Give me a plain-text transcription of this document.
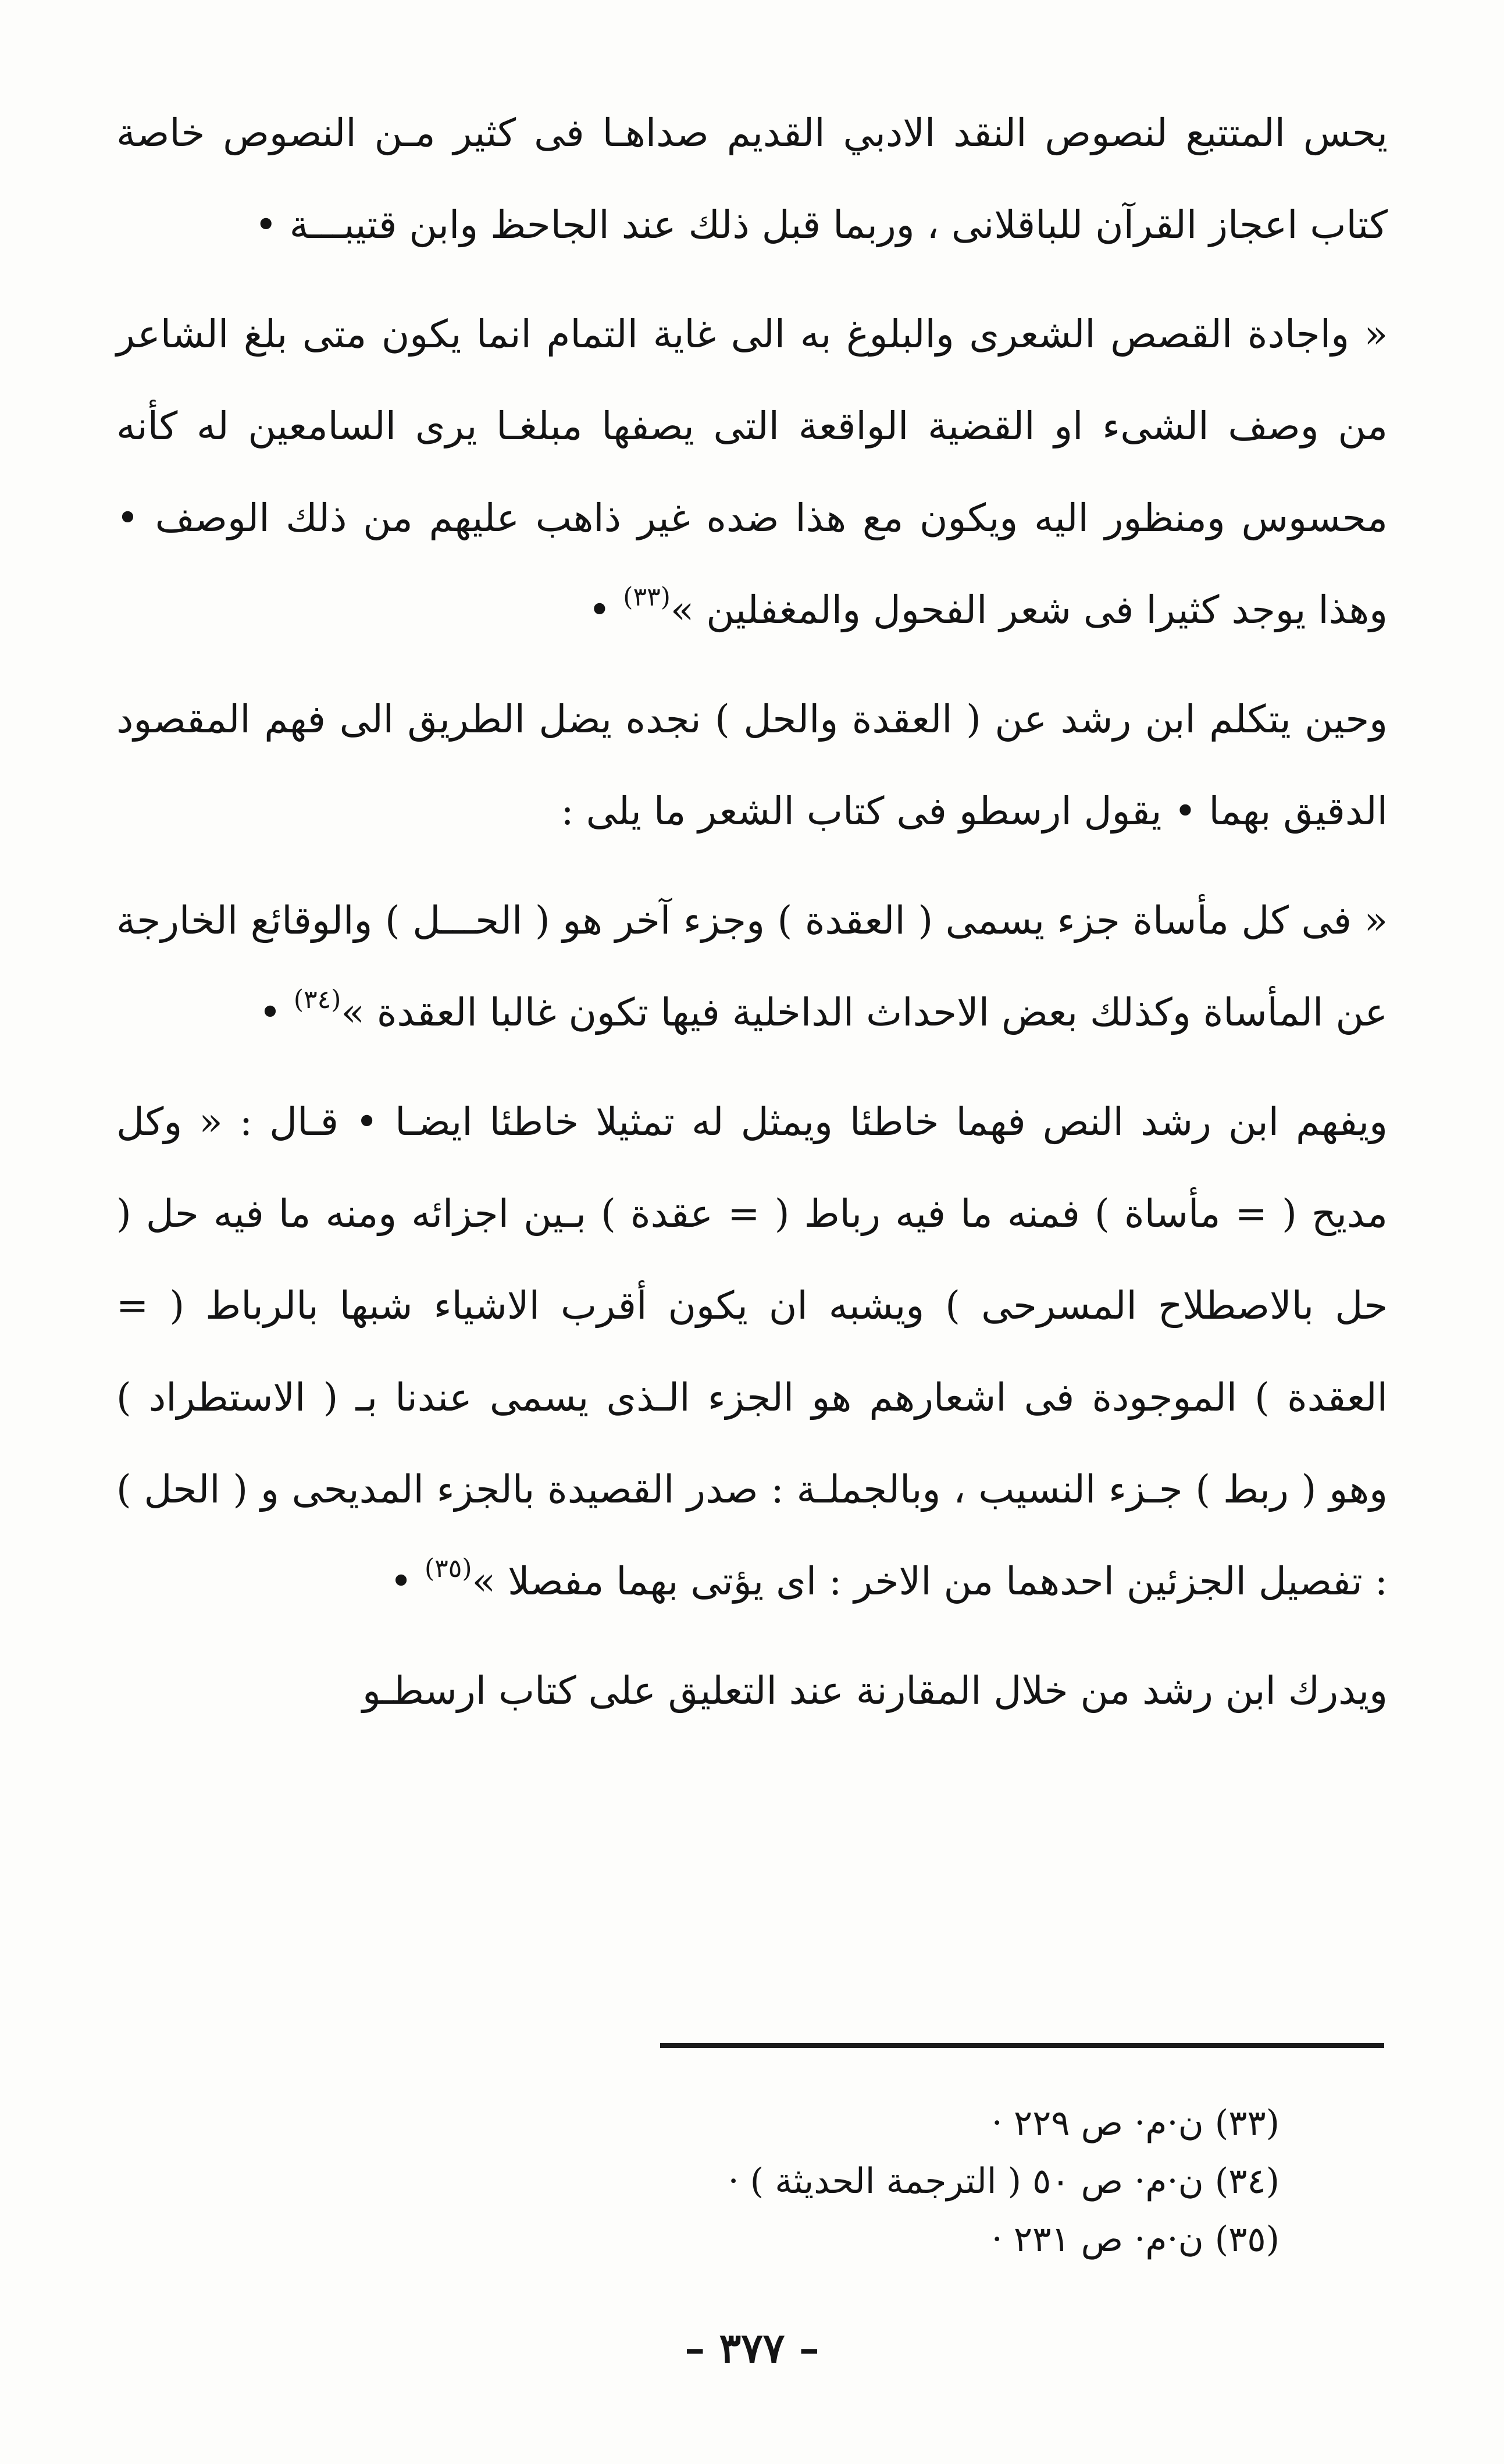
يحس المتتبع لنصوص النقد الادبي القديم صداهـا فى كثير مـن النصوص خاصة كتاب اعجاز القرآن للباقلانى ، وربما قبل ذلك عند الجاحظ وابن قتيبـــة •

« واجادة القصص الشعرى والبلوغ به الى غاية التمام انما يكون متى بلغ الشاعر من وصف الشىء او القضية الواقعة التى يصفها مبلغـا يرى السامعين له كأنه محسوس ومنظور اليه ويكون مع هذا ضده غير ذاهب عليهم من ذلك الوصف • وهذا يوجد كثيرا فى شعر الفحول والمغفلين »$^{(٣٣)}$ •

وحين يتكلم ابن رشد عن ( العقدة والحل ) نجده يضل الطريق الى فهم المقصود الدقيق بهما • يقول ارسطو فى كتاب الشعر ما يلى :

« فى كل مأساة جزء يسمى ( العقدة ) وجزء آخر هو ( الحـــل ) والوقائع الخارجة عن المأساة وكذلك بعض الاحداث الداخلية فيها تكون غالبا العقدة »$^{(٣٤)}$ •

ويفهم ابن رشد النص فهما خاطئا ويمثل له تمثيلا خاطئا ايضـا • قـال : « وكل مديح ( = مأساة ) فمنه ما فيه رباط ( = عقدة ) بـين اجزائه ومنه ما فيه حل ( حل بالاصطلاح المسرحى ) ويشبه ان يكون أقرب الاشياء شبها بالرباط ( = العقدة ) الموجودة فى اشعارهم هو الجزء الـذى يسمى عندنا بـ ( الاستطراد ) وهو ( ربط ) جـزء النسيب ، وبالجملـة : صدر القصيدة بالجزء المديحى و ( الحل ) : تفصيل الجزئين احدهما من الاخر : اى يؤتى بهما مفصلا »$^{(٣٥)}$ •

ويدرك ابن رشد من خلال المقارنة عند التعليق على كتاب ارسطـو

(٣٣) ن·م· ص ٢٢٩ ·
(٣٤) ن·م· ص ٥٠ ( الترجمة الحديثة ) ·
(٣٥) ن·م· ص ٢٣١ ·
– ٣٧٧ –
